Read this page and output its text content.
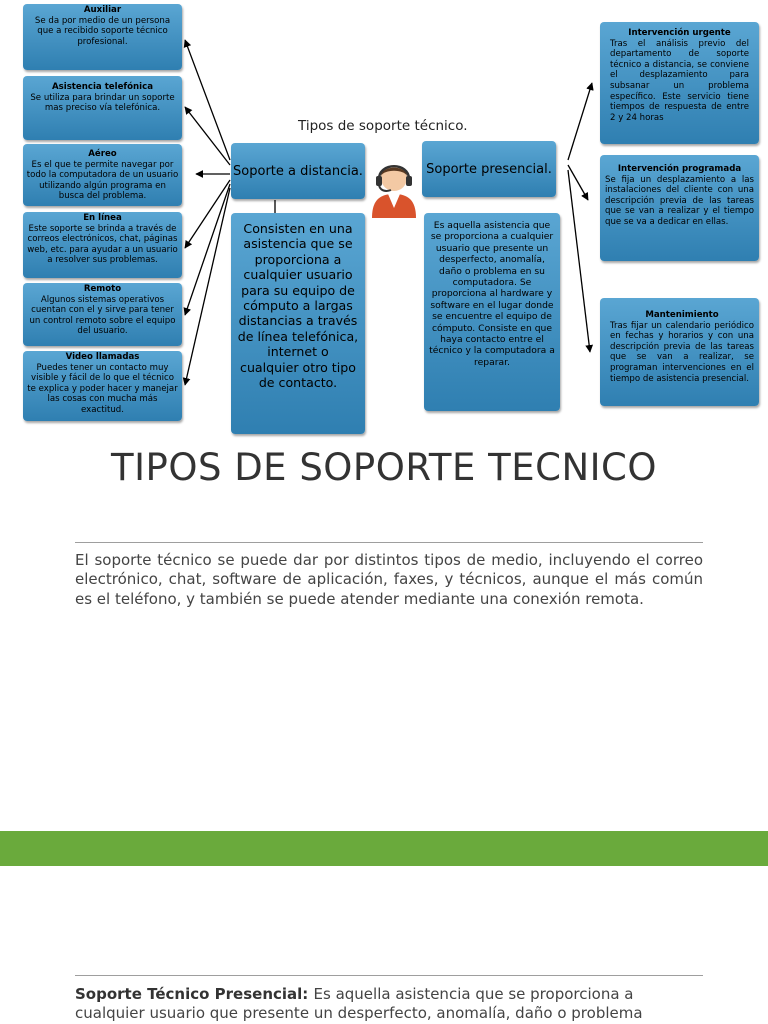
Tipos de soporte técnico.
Auxiliar
Se da por medio de un persona que a recibido soporte técnico profesional.
Asistencia telefónica
Se utiliza para brindar un soporte mas preciso vía telefónica.
Aéreo
Es el que te permite navegar por todo la computadora de un usuario utilizando algún programa en busca del problema.
En línea
Este soporte se brinda a través de correos electrónicos, chat, páginas web, etc. para ayudar a un usuario a resolver sus problemas.
Remoto
Algunos sistemas operativos cuentan con el y sirve para tener un control remoto sobre el equipo del usuario.
Video llamadas
Puedes tener un contacto muy visible y fácil de lo que el técnico te explica y poder hacer y manejar las cosas con mucha más exactitud.
Soporte a distancia.
Consisten en una asistencia que se proporciona a cualquier usuario para su equipo de cómputo a largas distancias a través de línea telefónica, internet o cualquier otro tipo de contacto.
Soporte presencial.
Es aquella asistencia que se proporciona a cualquier usuario que presente un desperfecto, anomalía, daño o problema en su computadora. Se proporciona al hardware y software en el lugar donde se encuentre el equipo de cómputo. Consiste en que haya contacto entre el técnico y la computadora a reparar.
Intervención urgente
Tras el análisis previo del departamento de soporte técnico a distancia, se conviene el desplazamiento para subsanar un problema específico. Este servicio tiene tiempos de respuesta de entre 2 y 24 horas
Intervención programada
Se fija un desplazamiento a las instalaciones del cliente con una descripción previa de las tareas que se van a realizar y el tiempo que se va a dedicar en ellas.
Mantenimiento
Tras fijar un calendario periódico en fechas y horarios y con una descripción previa de las tareas que se van a realizar, se programan intervenciones en el tiempo de asistencia presencial.
TIPOS DE SOPORTE TECNICO
El soporte técnico se puede dar por distintos tipos de medio, incluyendo el correo electrónico, chat, software de aplicación, faxes, y técnicos, aunque el más común es el teléfono, y también se puede atender mediante una conexión remota.
Soporte Técnico Presencial: Es aquella asistencia que se proporciona a cualquier usuario que presente un desperfecto, anomalía, daño o problema
